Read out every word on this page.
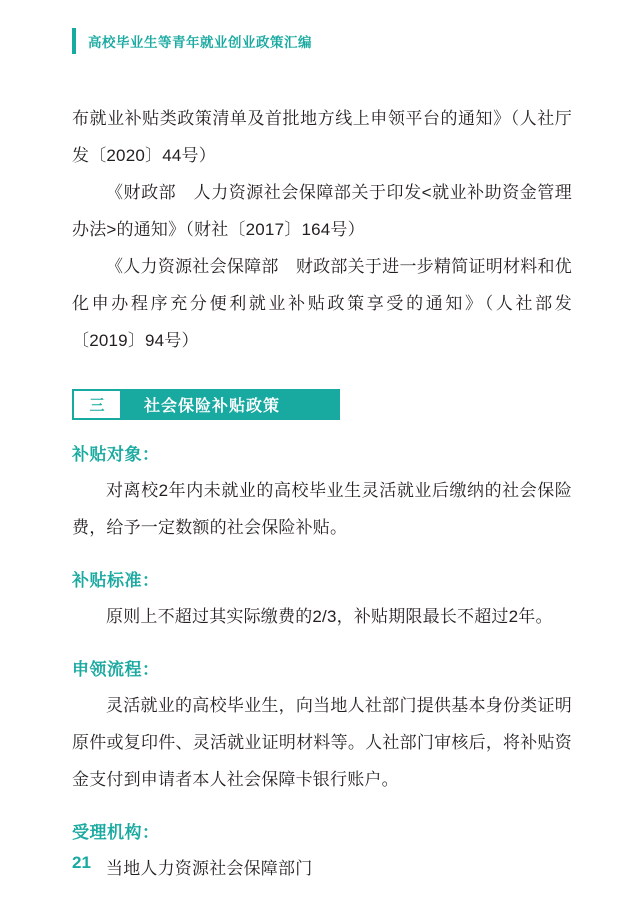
高校毕业生等青年就业创业政策汇编

布就业补贴类政策清单及首批地方线上申领平台的通知》（人社厅发〔2020〕44号）

《财政部　人力资源社会保障部关于印发<就业补助资金管理办法>的通知》（财社〔2017〕164号）

《人力资源社会保障部　财政部关于进一步精简证明材料和优化申办程序充分便利就业补贴政策享受的通知》（人社部发〔2019〕94号）

三	社会保险补贴政策
补贴对象：

对离校2年内未就业的高校毕业生灵活就业后缴纳的社会保险费，给予一定数额的社会保险补贴。

补贴标准：

原则上不超过其实际缴费的2/3，补贴期限最长不超过2年。

申领流程：

灵活就业的高校毕业生，向当地人社部门提供基本身份类证明原件或复印件、灵活就业证明材料等。人社部门审核后，将补贴资金支付到申请者本人社会保障卡银行账户。

受理机构：

当地人力资源社会保障部门

21
